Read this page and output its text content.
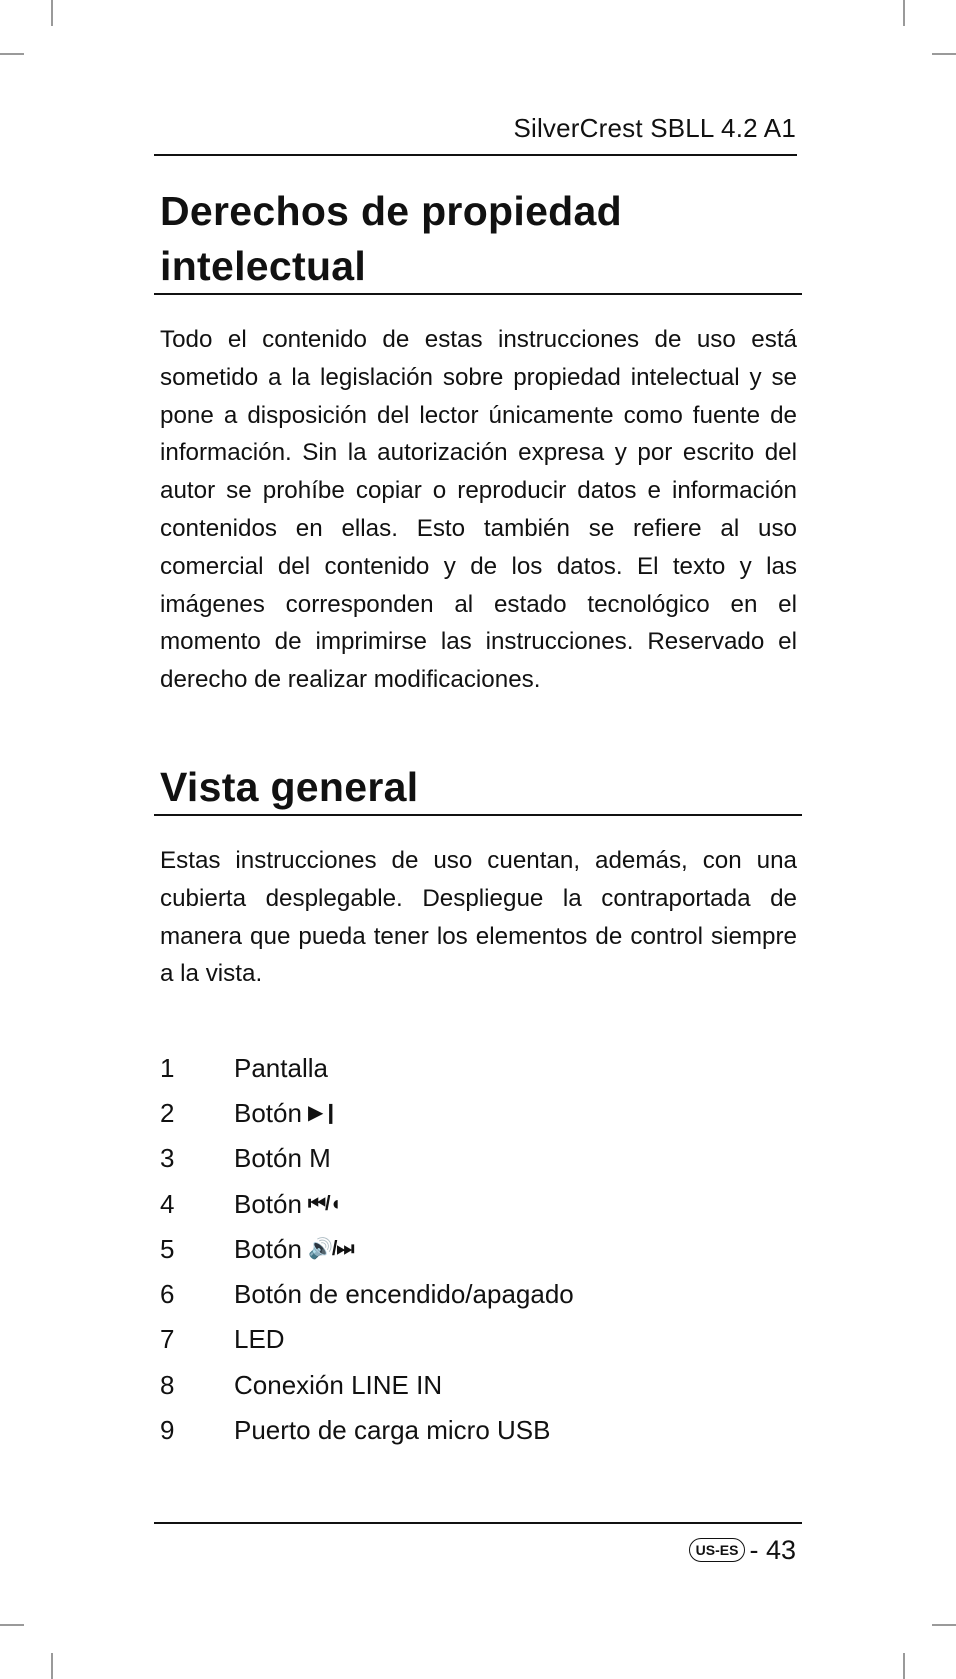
SilverCrest SBLL 4.2 A1
Derechos de propiedad
intelectual

Todo el contenido de estas instrucciones de uso está sometido a la legislación sobre propiedad intelectual y se pone a disposición del lector únicamente como fuente de información. Sin la autorización expresa y por escrito del autor se prohíbe copiar o reproducir datos e información contenidos en ellas. Esto también se refiere al uso comercial del contenido y de los datos. El texto y las imágenes corresponden al estado tecnológico en el momento de imprimirse las instrucciones. Reservado el derecho de realizar modificaciones.

Vista general

Estas instrucciones de uso cuentan, además, con una cubierta desplegable. Despliegue la contraportada de manera que pueda tener los elementos de control siempre a la vista.

1	Pantalla
2	Botón ▶❙
3	Botón M
4	Botón ⏮/◖
5	Botón 🔊/⏭
6	Botón de encendido/apagado
7	LED
8	Conexión LINE IN
9	Puerto de carga micro USB
US-ES - 43
